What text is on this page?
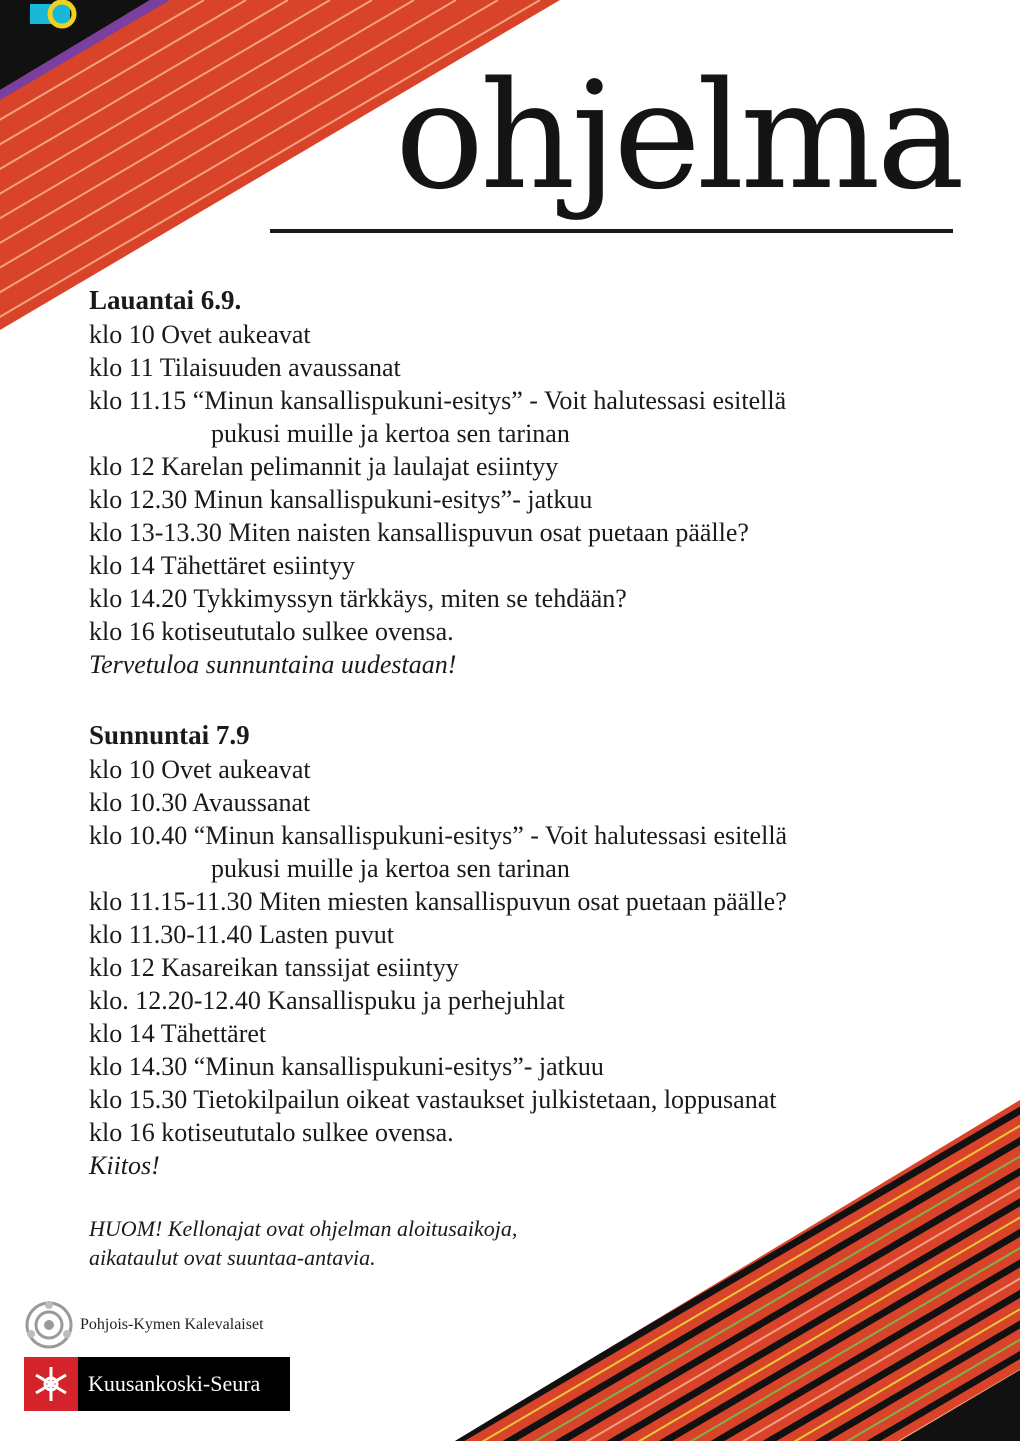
ohjelma

Lauantai 6.9.

klo 10 Ovet aukeavat

klo 11 Tilaisuuden avaussanat

klo 11.15 “Minun kansallispukuni-esitys” - Voit halutessasi esitellä

pukusi muille ja kertoa sen tarinan

klo 12 Karelan pelimannit ja laulajat esiintyy

klo 12.30 Minun kansallispukuni-esitys”- jatkuu

klo 13-13.30 Miten naisten kansallispuvun osat puetaan päälle?

klo 14 Tähettäret esiintyy

klo 14.20 Tykkimyssyn tärkkäys, miten se tehdään?

klo 16 kotiseututalo sulkee ovensa.

Tervetuloa sunnuntaina uudestaan!

Sunnuntai 7.9

klo 10 Ovet aukeavat

klo 10.30 Avaussanat

klo 10.40 “Minun kansallispukuni-esitys” - Voit halutessasi esitellä

pukusi muille ja kertoa sen tarinan

klo 11.15-11.30 Miten miesten kansallispuvun osat puetaan päälle?

klo 11.30-11.40 Lasten puvut

klo 12 Kasareikan tanssijat esiintyy

klo. 12.20-12.40 Kansallispuku ja perhejuhlat

klo 14 Tähettäret

klo 14.30 “Minun kansallispukuni-esitys”- jatkuu

klo 15.30 Tietokilpailun oikeat vastaukset julkistetaan, loppusanat

klo 16 kotiseututalo sulkee ovensa.

Kiitos!

HUOM! Kellonajat ovat ohjelman aloitusaikoja,
aikataulut ovat suuntaa-antavia.
Pohjois-Kymen Kalevalaiset
Kuusankoski-Seura
